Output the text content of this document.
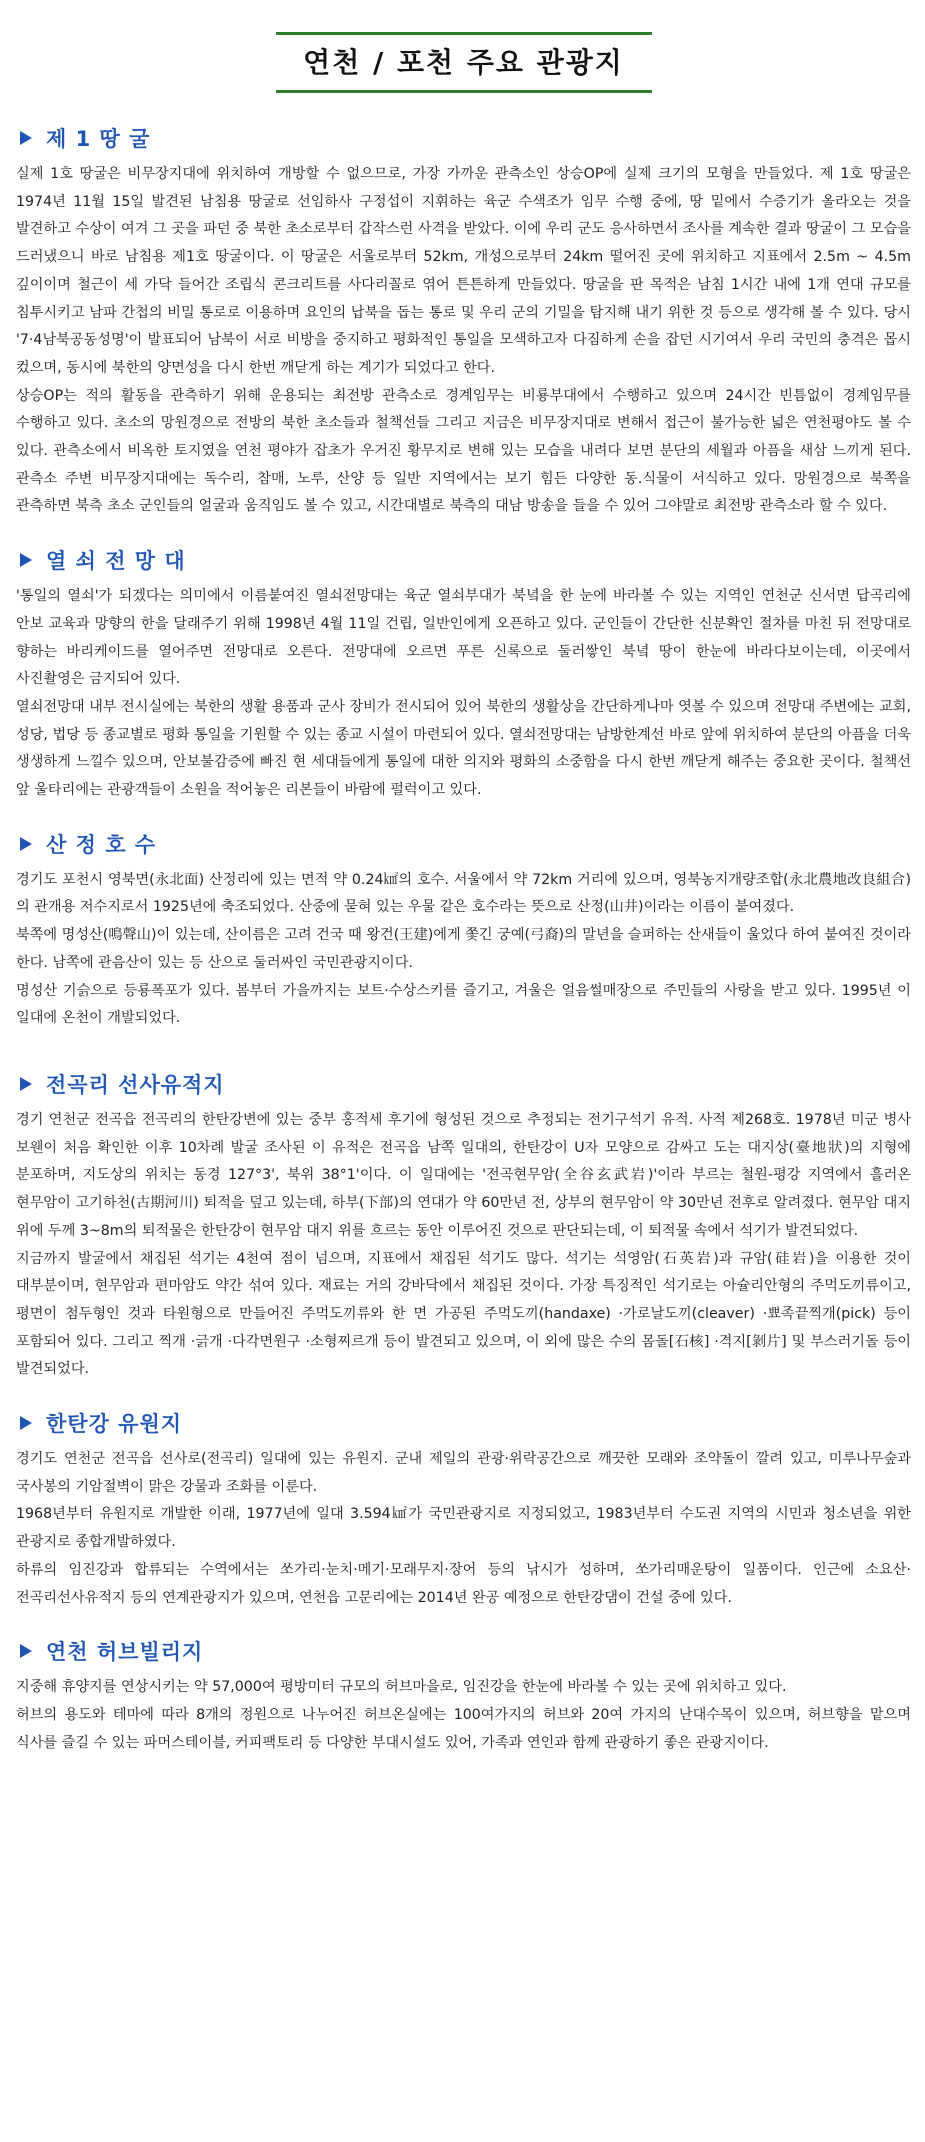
연천 / 포천 주요 관광지
제 1 땅 굴

실제 1호 땅굴은 비무장지대에 위치하여 개방할 수 없으므로, 가장 가까운 관측소인 상승OP에 실제 크기의 모형을 만들었다. 제 1호 땅굴은 1974년 11월 15일 발견된 남침용 땅굴로 선임하사 구정섭이 지휘하는 육군 수색조가 임무 수행 중에, 땅 밑에서 수증기가 올라오는 것을 발견하고 수상이 여겨 그 곳을 파던 중 북한 초소로부터 갑작스런 사격을 받았다. 이에 우리 군도 응사하면서 조사를 계속한 결과 땅굴이 그 모습을 드러냈으니 바로 남침용 제1호 땅굴이다. 이 땅굴은 서울로부터 52km, 개성으로부터 24km 떨어진 곳에 위치하고 지표에서 2.5m ~ 4.5m 깊이이며 철근이 세 가닥 들어간 조립식 콘크리트를 사다리꼴로 엮어 튼튼하게 만들었다. 땅굴을 판 목적은 남침 1시간 내에 1개 연대 규모를 침투시키고 남파 간첩의 비밀 통로로 이용하며 요인의 납북을 돕는 통로 및 우리 군의 기밀을 탐지해 내기 위한 것 등으로 생각해 볼 수 있다. 당시 '7·4남북공동성명'이 발표되어 남북이 서로 비방을 중지하고 평화적인 통일을 모색하고자 다짐하게 손을 잡던 시기여서 우리 국민의 충격은 몹시 컸으며, 동시에 북한의 양면성을 다시 한번 깨닫게 하는 계기가 되었다고 한다.

상승OP는 적의 활동을 관측하기 위해 운용되는 최전방 관측소로 경계임무는 비룡부대에서 수행하고 있으며 24시간 빈틈없이 경계임무를 수행하고 있다. 초소의 망원경으로 전방의 북한 초소들과 철책선들 그리고 지금은 비무장지대로 변해서 접근이 불가능한 넓은 연천평야도 볼 수 있다. 관측소에서 비옥한 토지였을 연천 평야가 잡초가 우거진 황무지로 변해 있는 모습을 내려다 보면 분단의 세월과 아픔을 새삼 느끼게 된다. 관측소 주변 비무장지대에는 독수리, 참매, 노루, 산양 등 일반 지역에서는 보기 힘든 다양한 동.식물이 서식하고 있다. 망원경으로 북쪽을 관측하면 북측 초소 군인들의 얼굴과 움직임도 볼 수 있고, 시간대별로 북측의 대남 방송을 들을 수 있어 그야말로 최전방 관측소라 할 수 있다.

열 쇠 전 망 대

'통일의 열쇠'가 되겠다는 의미에서 이름붙여진 열쇠전망대는 육군 열쇠부대가 북녘을 한 눈에 바라볼 수 있는 지역인 연천군 신서면 답곡리에 안보 교육과 망향의 한을 달래주기 위해 1998년 4월 11일 건립, 일반인에게 오픈하고 있다. 군인들이 간단한 신분확인 절차를 마친 뒤 전망대로 향하는 바리케이드를 열어주면 전망대로 오른다. 전망대에 오르면 푸른 신록으로 둘러쌓인 북녘 땅이 한눈에 바라다보이는데, 이곳에서 사진촬영은 금지되어 있다.

열쇠전망대 내부 전시실에는 북한의 생활 용품과 군사 장비가 전시되어 있어 북한의 생활상을 간단하게나마 엿볼 수 있으며 전망대 주변에는 교회, 성당, 법당 등 종교별로 평화 통일을 기원할 수 있는 종교 시설이 마련되어 있다. 열쇠전망대는 남방한계선 바로 앞에 위치하여 분단의 아픔을 더욱 생생하게 느낄수 있으며, 안보불감증에 빠진 현 세대들에게 통일에 대한 의지와 평화의 소중함을 다시 한번 깨닫게 해주는 중요한 곳이다. 철책선 앞 울타리에는 관광객들이 소원을 적어놓은 리본들이 바람에 펄럭이고 있다.

산 정 호 수

경기도 포천시 영북면(永北面) 산정리에 있는 면적 약 0.24㎢의 호수. 서울에서 약 72km 거리에 있으며, 영북농지개량조합(永北農地改良組合)의 관개용 저수지로서 1925년에 축조되었다. 산중에 묻혀 있는 우물 같은 호수라는 뜻으로 산정(山井)이라는 이름이 붙여졌다.

북쪽에 명성산(鳴聲山)이 있는데, 산이름은 고려 건국 때 왕건(王建)에게 쫓긴 궁예(弓裔)의 말년을 슬퍼하는 산새들이 울었다 하여 붙여진 것이라 한다. 남쪽에 관음산이 있는 등 산으로 둘러싸인 국민관광지이다.

명성산 기슭으로 등룡폭포가 있다. 봄부터 가을까지는 보트·수상스키를 즐기고, 겨울은 얼음썰매장으로 주민들의 사랑을 받고 있다. 1995년 이 일대에 온천이 개발되었다.

전곡리 선사유적지

경기 연천군 전곡읍 전곡리의 한탄강변에 있는 중부 홍적세 후기에 형성된 것으로 추정되는 전기구석기 유적. 사적 제268호. 1978년 미군 병사 보웬이 처음 확인한 이후 10차례 발굴 조사된 이 유적은 전곡읍 남쪽 일대의, 한탄강이 U자 모양으로 감싸고 도는 대지상(臺地狀)의 지형에 분포하며, 지도상의 위치는 동경 127°3', 북위 38°1'이다. 이 일대에는 '전곡현무암(全谷玄武岩)'이라 부르는 철원-평강 지역에서 흘러온 현무암이 고기하천(古期河川) 퇴적을 덮고 있는데, 하부(下部)의 연대가 약 60만년 전, 상부의 현무암이 약 30만년 전후로 알려졌다. 현무암 대지 위에 두께 3~8m의 퇴적물은 한탄강이 현무암 대지 위를 흐르는 동안 이루어진 것으로 판단되는데, 이 퇴적물 속에서 석기가 발견되었다.

지금까지 발굴에서 채집된 석기는 4천여 점이 넘으며, 지표에서 채집된 석기도 많다. 석기는 석영암(石英岩)과 규암(硅岩)을 이용한 것이 대부분이며, 현무암과 편마암도 약간 섞여 있다. 재료는 거의 강바닥에서 채집된 것이다. 가장 특징적인 석기로는 아슐리안형의 주먹도끼류이고, 평면이 첨두형인 것과 타원형으로 만들어진 주먹도끼류와 한 면 가공된 주먹도끼(handaxe) ·가로날도끼(cleaver) ·뾰족끝찍개(pick) 등이 포함되어 있다. 그리고 찍개 ·긁개 ·다각면원구 ·소형찌르개 등이 발견되고 있으며, 이 외에 많은 수의 몸돌[石核] ·격지[剝片] 및 부스러기돌 등이 발견되었다.

한탄강 유원지

경기도 연천군 전곡읍 선사로(전곡리) 일대에 있는 유원지. 군내 제일의 관광·위락공간으로 깨끗한 모래와 조약돌이 깔려 있고, 미루나무숲과 국사봉의 기암절벽이 맑은 강물과 조화를 이룬다.

1968년부터 유원지로 개발한 이래, 1977년에 일대 3.594㎢가 국민관광지로 지정되었고, 1983년부터 수도권 지역의 시민과 청소년을 위한 관광지로 종합개발하였다.

하류의 임진강과 합류되는 수역에서는 쏘가리·눈치·메기·모래무지·장어 등의 낚시가 성하며, 쏘가리매운탕이 일품이다. 인근에 소요산·전곡리선사유적지 등의 연계관광지가 있으며, 연천읍 고문리에는 2014년 완공 예정으로 한탄강댐이 건설 중에 있다.

연천 허브빌리지

지중해 휴양지를 연상시키는 약 57,000여 평방미터 규모의 허브마을로, 임진강을 한눈에 바라볼 수 있는 곳에 위치하고 있다.

허브의 용도와 테마에 따라 8개의 정원으로 나누어진 허브온실에는 100여가지의 허브와 20여 가지의 난대수목이 있으며, 허브향을 맡으며 식사를 즐길 수 있는 파머스테이블, 커피팩토리 등 다양한 부대시설도 있어, 가족과 연인과 함께 관광하기 좋은 관광지이다.
